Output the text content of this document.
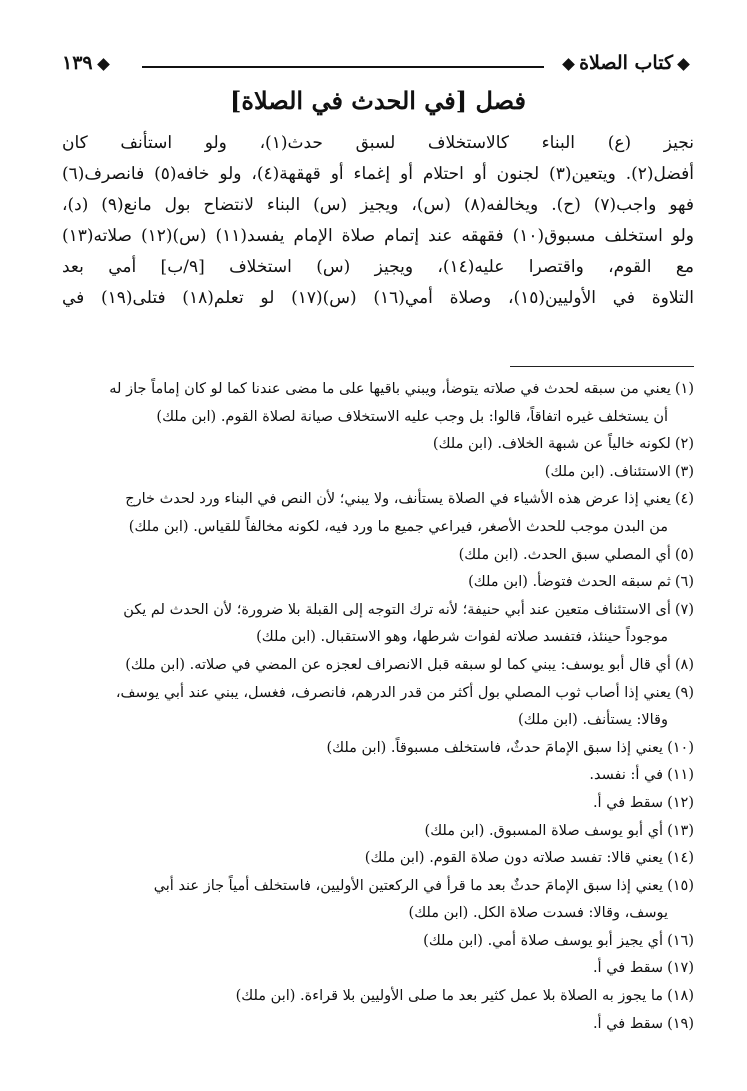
كتاب الصلاة
١٣٩
فصل [في الحدث في الصلاة]
نجيز (ع) البناء كالاستخلاف لسبق حدث(١)، ولو استأنف كان
أفضل(٢). ويتعين(٣) لجنون أو احتلام أو إغماء أو قهقهة(٤)، ولو خافه(٥) فانصرف(٦)
فهو واجب(٧) (ح). ويخالفه(٨) (س)، ويجيز (س) البناء لانتضاح بول مانع(٩) (د)،
ولو استخلف مسبوق(١٠) فقهقه عند إتمام صلاة الإمام يفسد(١١) (س)(١٢) صلاته(١٣)
مع القوم، واقتصرا عليه(١٤)، ويجيز (س) استخلاف [٩/ب] أمي بعد
التلاوة في الأوليين(١٥)، وصلاة أمي(١٦) (س)(١٧) لو تعلم(١٨) فتلى(١٩) في
(١)يعني من سبقه لحدث في صلاته يتوضأ، ويبني باقيها على ما مضى عندنا كما لو كان إماماً جاز له
أن يستخلف غيره اتفاقاً، قالوا: بل وجب عليه الاستخلاف صيانة لصلاة القوم. (ابن ملك)
(٢)لكونه خالياً عن شبهة الخلاف. (ابن ملك)
(٣)الاستئناف. (ابن ملك)
(٤)يعني إذا عرض هذه الأشياء في الصلاة يستأنف، ولا يبني؛ لأن النص في البناء ورد لحدث خارج
من البدن موجب للحدث الأصغر، فيراعي جميع ما ورد فيه، لكونه مخالفاً للقياس. (ابن ملك)
(٥)أي المصلي سبق الحدث. (ابن ملك)
(٦)ثم سبقه الحدث فتوضأ. (ابن ملك)
(٧)أى الاستئناف متعين عند أبي حنيفة؛ لأنه ترك التوجه إلى القبلة بلا ضرورة؛ لأن الحدث لم يكن
موجوداً حينئذ، فتفسد صلاته لفوات شرطها، وهو الاستقبال. (ابن ملك)
(٨)أي قال أبو يوسف: يبني كما لو سبقه قبل الانصراف لعجزه عن المضي في صلاته. (ابن ملك)
(٩)يعني إذا أصاب ثوب المصلي بول أكثر من قدر الدرهم، فانصرف، فغسل، يبني عند أبي يوسف،
وقالا: يستأنف. (ابن ملك)
(١٠)يعني إذا سبق الإمامَ حدثٌ، فاستخلف مسبوقاً. (ابن ملك)
(١١)في أ: نفسد.
(١٢)سقط في أ.
(١٣)أي أبو يوسف صلاة المسبوق. (ابن ملك)
(١٤)يعني قالا: تفسد صلاته دون صلاة القوم. (ابن ملك)
(١٥)يعني إذا سبق الإمامَ حدثٌ بعد ما قرأ في الركعتين الأوليين، فاستخلف أمياً جاز عند أبي
يوسف، وقالا: فسدت صلاة الكل. (ابن ملك)
(١٦)أي يجيز أبو يوسف صلاة أمي. (ابن ملك)
(١٧)سقط في أ.
(١٨)ما يجوز به الصلاة بلا عمل كثير بعد ما صلى الأوليين بلا قراءة. (ابن ملك)
(١٩)سقط في أ.
